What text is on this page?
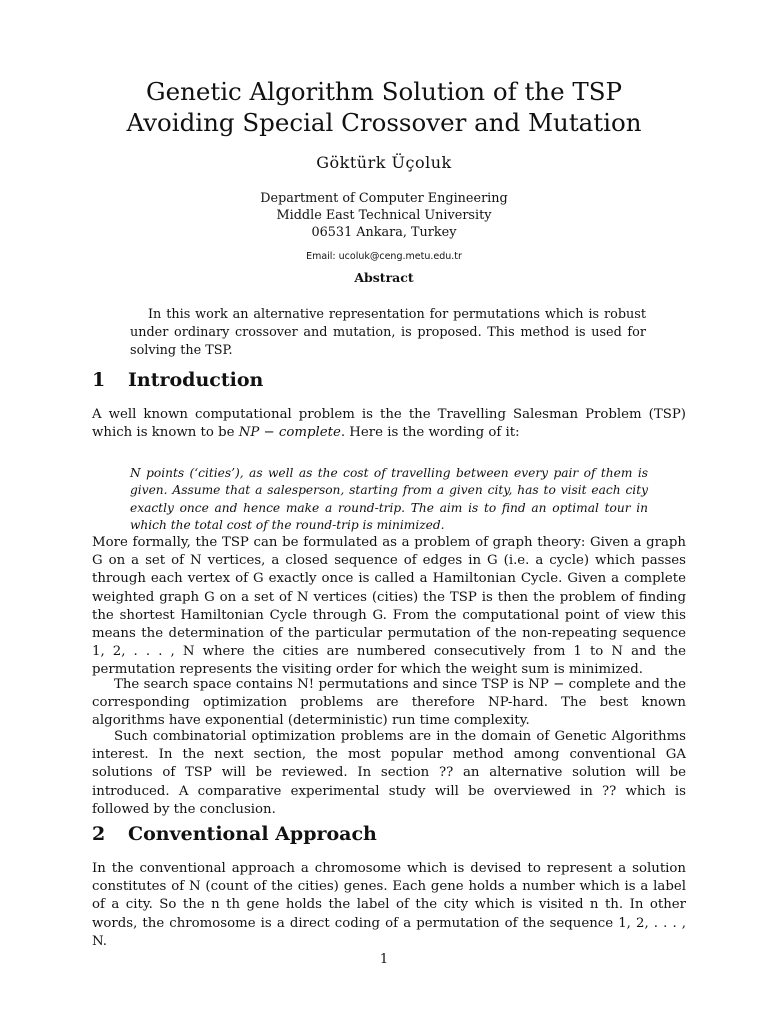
Genetic Algorithm Solution of the TSP
Avoiding Special Crossover and Mutation
Göktürk Üçoluk
Department of Computer Engineering
Middle East Technical University
06531 Ankara, Turkey
Email: ucoluk@ceng.metu.edu.tr
Abstract

In this work an alternative representation for permutations which is robust under ordinary crossover and mutation, is proposed. This method is used for solving the TSP.

1 Introduction

A well known computational problem is the the Travelling Salesman Problem (TSP) which is known to be NP − complete. Here is the wording of it:

N points (‘cities’), as well as the cost of travelling between every pair of them is given. Assume that a salesperson, starting from a given city, has to visit each city exactly once and hence make a round-trip. The aim is to find an optimal tour in which the total cost of the round-trip is minimized.

More formally, the TSP can be formulated as a problem of graph theory: Given a graph G on a set of N vertices, a closed sequence of edges in G (i.e. a cycle) which passes through each vertex of G exactly once is called a Hamiltonian Cycle. Given a complete weighted graph G on a set of N vertices (cities) the TSP is then the problem of finding the shortest Hamiltonian Cycle through G. From the computational point of view this means the determination of the particular permutation of the non-repeating sequence 1, 2, . . . , N where the cities are numbered consecutively from 1 to N and the permutation represents the visiting order for which the weight sum is minimized.

The search space contains N! permutations and since TSP is NP − complete and the corresponding optimization problems are therefore NP-hard. The best known algorithms have exponential (deterministic) run time complexity.

Such combinatorial optimization problems are in the domain of Genetic Algorithms interest. In the next section, the most popular method among conventional GA solutions of TSP will be reviewed. In section ?? an alternative solution will be introduced. A comparative experimental study will be overviewed in ?? which is followed by the conclusion.

2 Conventional Approach

In the conventional approach a chromosome which is devised to represent a solution constitutes of N (count of the cities) genes. Each gene holds a number which is a label of a city. So the n th gene holds the label of the city which is visited n th. In other words, the chromosome is a direct coding of a permutation of the sequence 1, 2, . . . , N.

1
